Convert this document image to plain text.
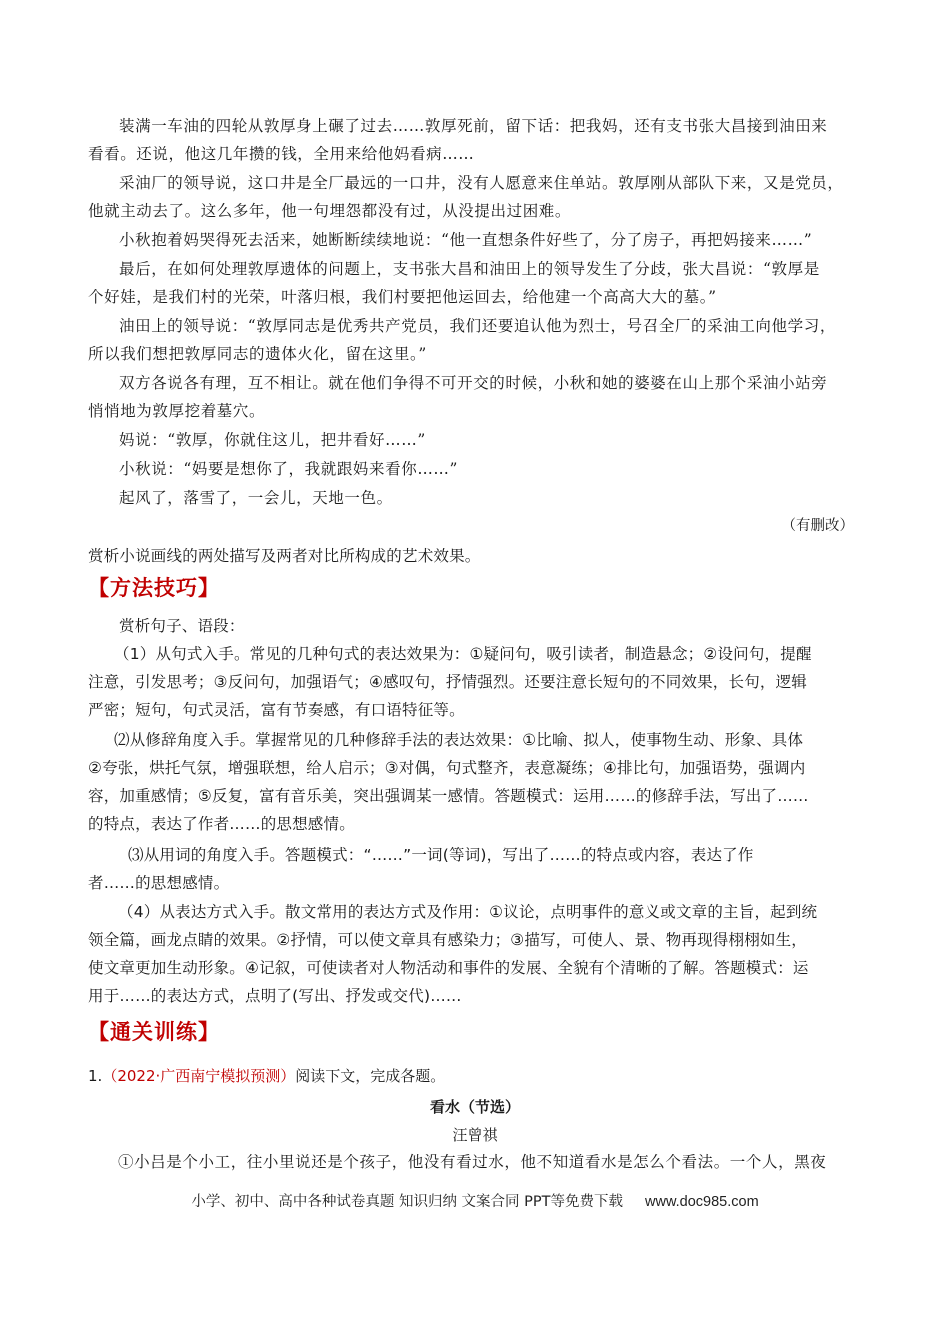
装满一车油的四轮从敦厚身上碾了过去……敦厚死前，留下话：把我妈，还有支书张大昌接到油田来
看看。还说，他这几年攒的钱，全用来给他妈看病……
采油厂的领导说，这口井是全厂最远的一口井，没有人愿意来住单站。敦厚刚从部队下来，又是党员，
他就主动去了。这么多年，他一句埋怨都没有过，从没提出过困难。
小秋抱着妈哭得死去活来，她断断续续地说：“他一直想条件好些了，分了房子，再把妈接来……”
最后，在如何处理敦厚遗体的问题上，支书张大昌和油田上的领导发生了分歧，张大昌说：“敦厚是
个好娃，是我们村的光荣，叶落归根，我们村要把他运回去，给他建一个高高大大的墓。”
油田上的领导说：“敦厚同志是优秀共产党员，我们还要追认他为烈士，号召全厂的采油工向他学习，
所以我们想把敦厚同志的遗体火化，留在这里。”
双方各说各有理，互不相让。就在他们争得不可开交的时候，小秋和她的婆婆在山上那个采油小站旁
悄悄地为敦厚挖着墓穴。
妈说：“敦厚，你就住这儿，把井看好……”
小秋说：“妈要是想你了，我就跟妈来看你……”
起风了，落雪了，一会儿，天地一色。
（有删改）
赏析小说画线的两处描写及两者对比所构成的艺术效果。
【方法技巧】
赏析句子、语段：
（1）从句式入手。常见的几种句式的表达效果为：①疑问句，吸引读者，制造悬念；②设问句，提醒
注意，引发思考；③反问句，加强语气；④感叹句，抒情强烈。还要注意长短句的不同效果，长句，逻辑
严密；短句，句式灵活，富有节奏感，有口语特征等。
⑵从修辞角度入手。掌握常见的几种修辞手法的表达效果：①比喻、拟人，使事物生动、形象、具体
②夸张，烘托气氛，增强联想，给人启示；③对偶，句式整齐，表意凝练；④排比句，加强语势，强调内
容，加重感情；⑤反复，富有音乐美，突出强调某一感情。答题模式：运用……的修辞手法，写出了……
的特点，表达了作者……的思想感情。
⑶从用词的角度入手。答题模式：“……”一词(等词)，写出了……的特点或内容，表达了作
者……的思想感情。
（4）从表达方式入手。散文常用的表达方式及作用：①议论，点明事件的意义或文章的主旨，起到统
领全篇，画龙点睛的效果。②抒情，可以使文章具有感染力；③描写，可使人、景、物再现得栩栩如生，
使文章更加生动形象。④记叙，可使读者对人物活动和事件的发展、全貌有个清晰的了解。答题模式：运
用于……的表达方式，点明了(写出、抒发或交代)……
【通关训练】
1.（2022·广西南宁模拟预测）阅读下文，完成各题。
看水（节选）
汪曾祺
①小吕是个小工，往小里说还是个孩子，他没有看过水，他不知道看水是怎么个看法。一个人，黑夜
小学、初中、高中各种试卷真题 知识归纳 文案合同 PPT等免费下载 www.doc985.com
